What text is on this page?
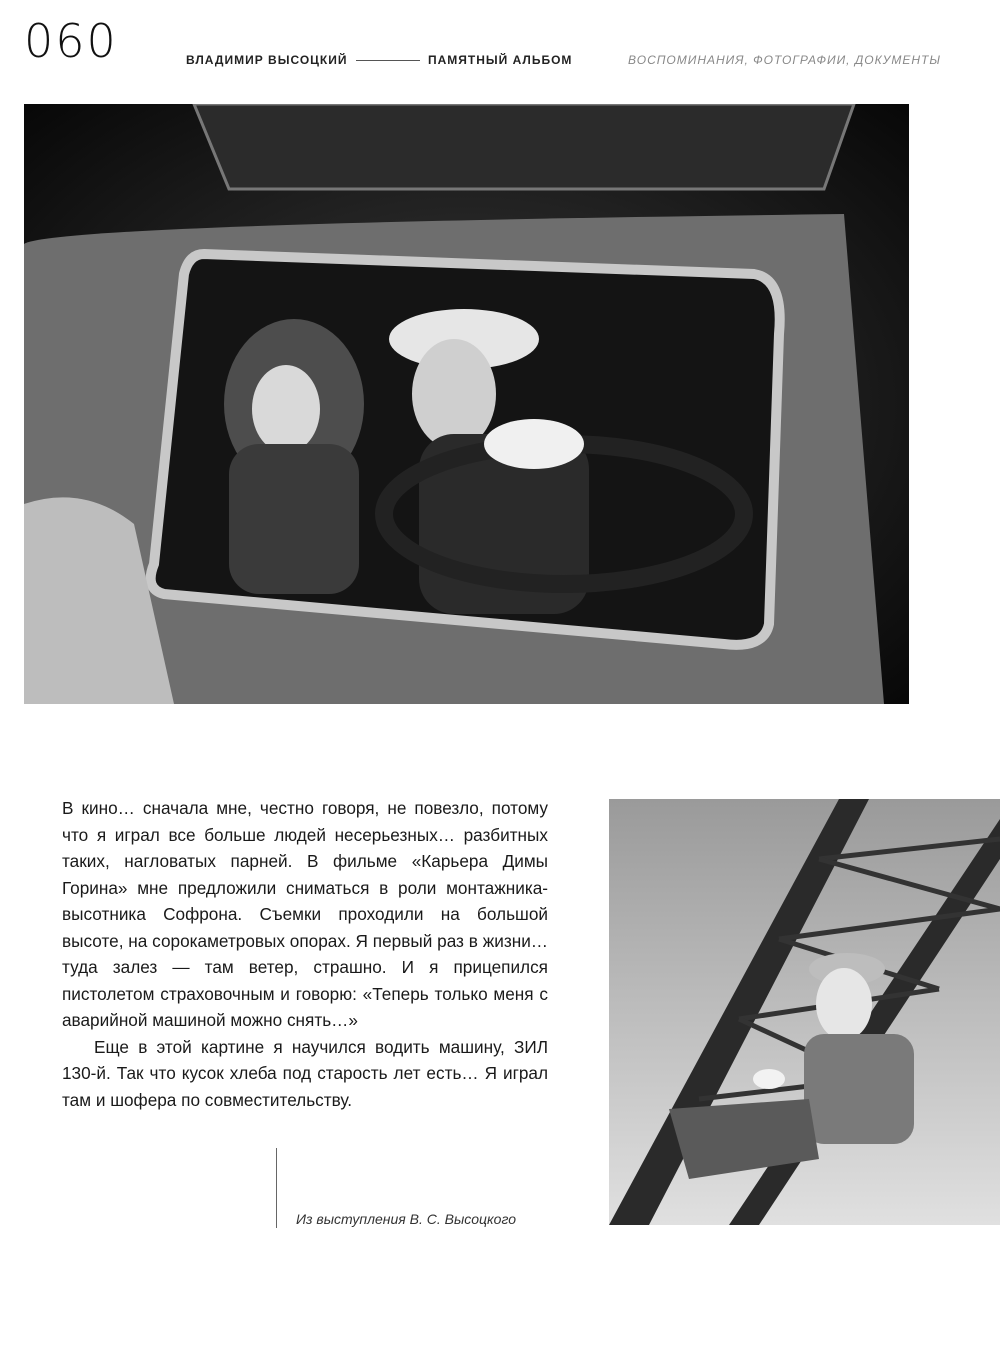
060	ВЛАДИМИР ВЫСОЦКИЙ	ПАМЯТНЫЙ АЛЬБОМ	ВОСПОМИНАНИЯ, ФОТОГРАФИИ, ДОКУМЕНТЫ

В кино… сначала мне, честно говоря, не повезло, потому что я играл все больше людей несерьезных… разбитных таких, нагловатых парней. В фильме «Карьера Димы Горина» мне предложили сниматься в роли монтажника-высотника Софрона. Съемки проходили на большой высоте, на сорокаметровых опорах. Я первый раз в жизни… туда залез — там ветер, страшно. И я прицепился пистолетом страховочным и говорю: «Теперь только меня с аварийной машиной можно снять…»

Еще в этой картине я научился водить машину, ЗИЛ 130-й. Так что кусок хлеба под старость лет есть… Я играл там и шофера по совместительству.

Из выступления В. С. Высоцкого
